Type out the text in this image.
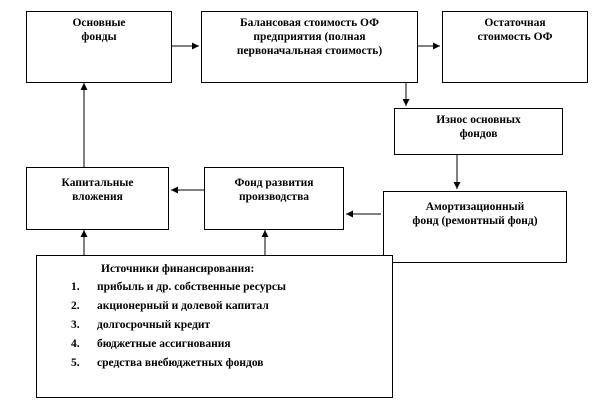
Основные
фонды
Балансовая стоимость ОФ
предприятия (полная
первоначальная стоимость)
Остаточная
стоимость ОФ
Износ основных
фондов
Амортизационный
фонд (ремонтный фонд)
Фонд развития
производства
Капитальные
вложения
Источники финансирования:
1.	прибыль и др. собственные ресурсы
2.	акционерный и долевой капитал
3.	долгосрочный кредит
4.	бюджетные ассигнования
5.	средства внебюджетных фондов
